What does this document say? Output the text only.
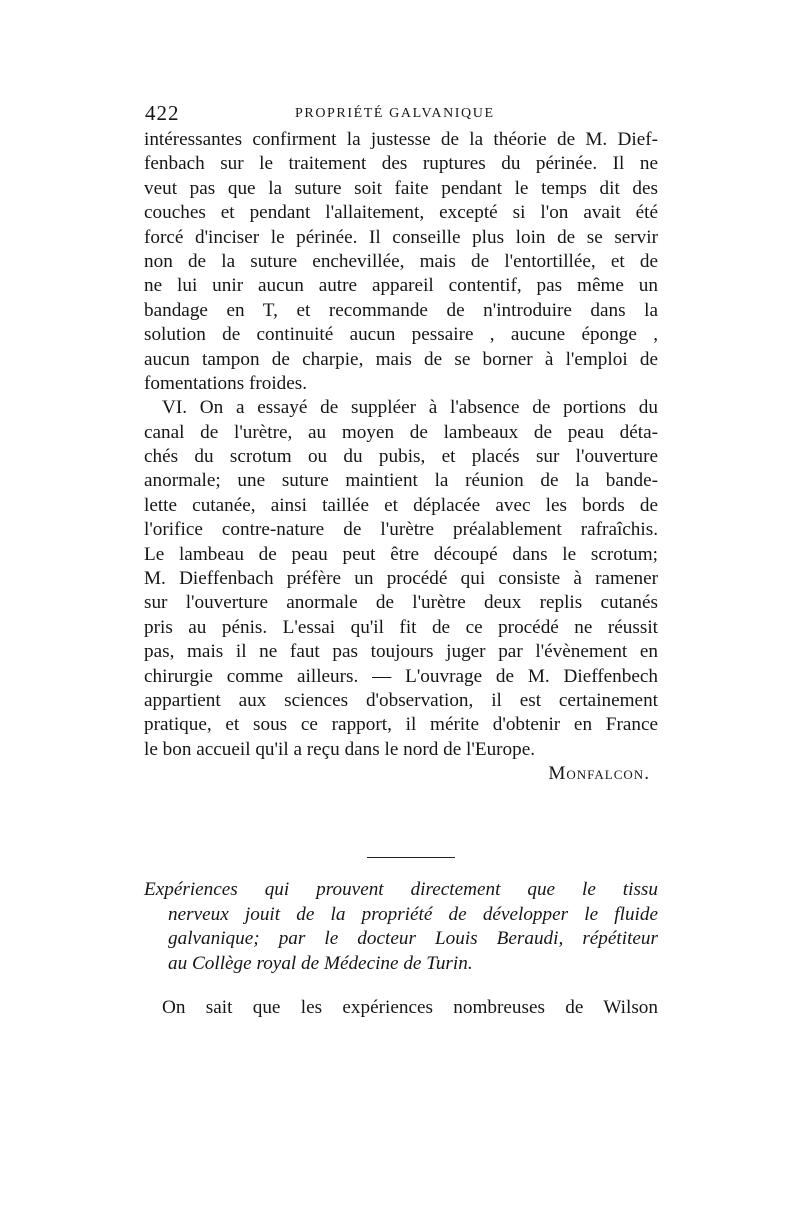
422	PROPRIÉTÉ GALVANIQUE
intéressantes confirment la justesse de la théorie de M. Dief-
fenbach sur le traitement des ruptures du périnée. Il ne
veut pas que la suture soit faite pendant le temps dit des
couches et pendant l'allaitement, excepté si l'on avait été
forcé d'inciser le périnée. Il conseille plus loin de se servir
non de la suture enchevillée, mais de l'entortillée, et de
ne lui unir aucun autre appareil contentif, pas même un
bandage en T, et recommande de n'introduire dans la
solution de continuité aucun pessaire , aucune éponge ,
aucun tampon de charpie, mais de se borner à l'emploi de
fomentations froides.
VI. On a essayé de suppléer à l'absence de portions du
canal de l'urètre, au moyen de lambeaux de peau déta-
chés du scrotum ou du pubis, et placés sur l'ouverture
anormale; une suture maintient la réunion de la bande-
lette cutanée, ainsi taillée et déplacée avec les bords de
l'orifice contre-nature de l'urètre préalablement rafraîchis.
Le lambeau de peau peut être découpé dans le scrotum;
M. Dieffenbach préfère un procédé qui consiste à ramener
sur l'ouverture anormale de l'urètre deux replis cutanés
pris au pénis. L'essai qu'il fit de ce procédé ne réussit
pas, mais il ne faut pas toujours juger par l'évènement en
chirurgie comme ailleurs. — L'ouvrage de M. Dieffenbech
appartient aux sciences d'observation, il est certainement
pratique, et sous ce rapport, il mérite d'obtenir en France
le bon accueil qu'il a reçu dans le nord de l'Europe.
Monfalcon.
Expériences qui prouvent directement que le tissu
nerveux jouit de la propriété de développer le fluide
galvanique; par le docteur Louis Beraudi, répétiteur
au Collège royal de Médecine de Turin.
On sait que les expériences nombreuses de Wilson
